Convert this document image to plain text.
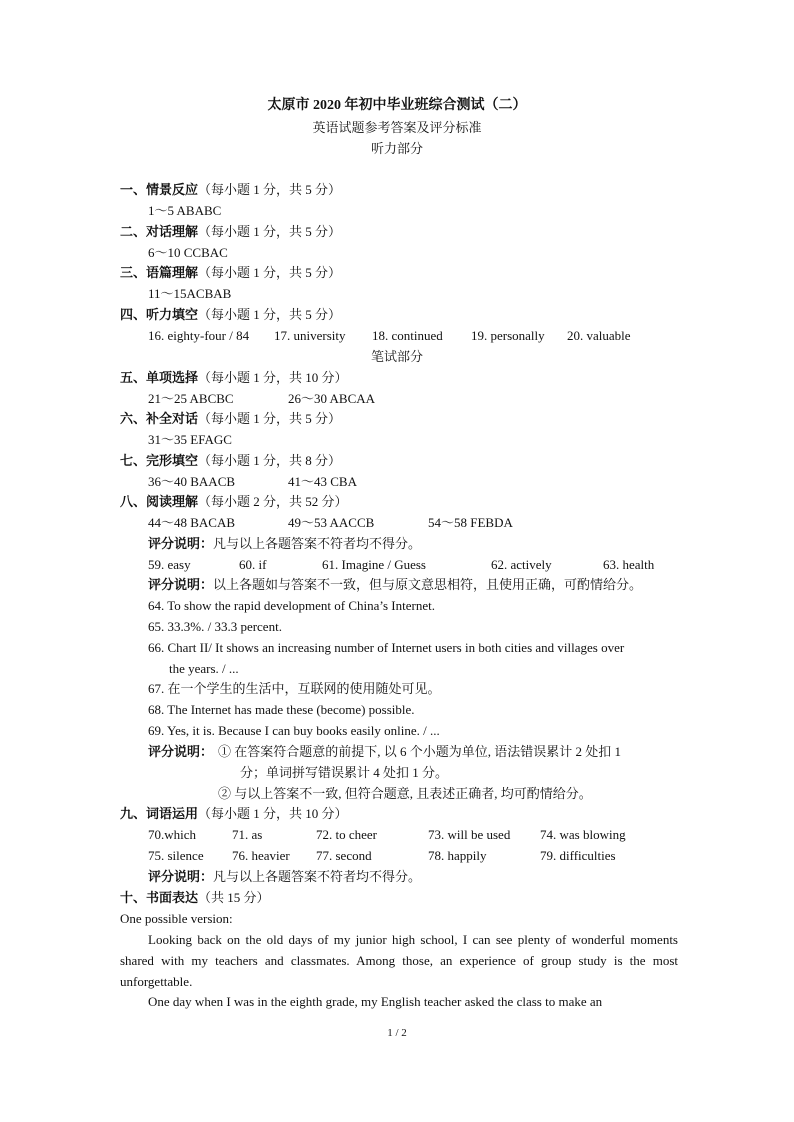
太原市 2020 年初中毕业班综合测试（二）
英语试题参考答案及评分标准
听力部分
一、情景反应（每小题 1 分，共 5 分）
1～5 ABABC
二、对话理解（每小题 1 分，共 5 分）
6～10 CCBAC
三、语篇理解（每小题 1 分，共 5 分）
11～15ACBAB
四、听力填空（每小题 1 分，共 5 分）
16. eighty-four / 84 17. university 18. continued 19. personally 20. valuable
笔试部分
五、单项选择（每小题 1 分，共 10 分）
21～25 ABCBC	26～30 ABCAA
六、补全对话（每小题 1 分，共 5 分）
31～35 EFAGC
七、完形填空（每小题 1 分，共 8 分）
36～40 BAACB	41～43 CBA
八、阅读理解（每小题 2 分，共 52 分）
44～48 BACAB	49～53 AACCB	54～58 FEBDA
评分说明：凡与以上各题答案不符者均不得分。
59. easy	60. if	61. Imagine / Guess	62. actively	63. health
评分说明：以上各题如与答案不一致，但与原文意思相符，且使用正确，可酌情给分。
64. To show the rapid development of China’s Internet.
65. 33.3%. / 33.3 percent.
66. Chart II/ It shows an increasing number of Internet users in both cities and villages over
the years. / ...
67. 在一个学生的生活中，互联网的使用随处可见。
68. The Internet has made these (become) possible.
69. Yes, it is. Because I can buy books easily online. / ...
评分说明： ① 在答案符合题意的前提下, 以 6 个小题为单位, 语法错误累计 2 处扣 1
分；单词拼写错误累计 4 处扣 1 分。
② 与以上答案不一致, 但符合题意, 且表述正确者, 均可酌情给分。
九、词语运用（每小题 1 分，共 10 分）
70.which	71. as	72. to cheer	73. will be used 74. was blowing
75. silence 76. heavier 77. second	78. happily	79. difficulties
评分说明：凡与以上各题答案不符者均不得分。
十、书面表达（共 15 分）
One possible version:
Looking back on the old days of my junior high school, I can see plenty of wonderful moments shared with my teachers and classmates. Among those, an experience of group study is the most unforgettable.
One day when I was in the eighth grade, my English teacher asked the class to make an
1 / 2
